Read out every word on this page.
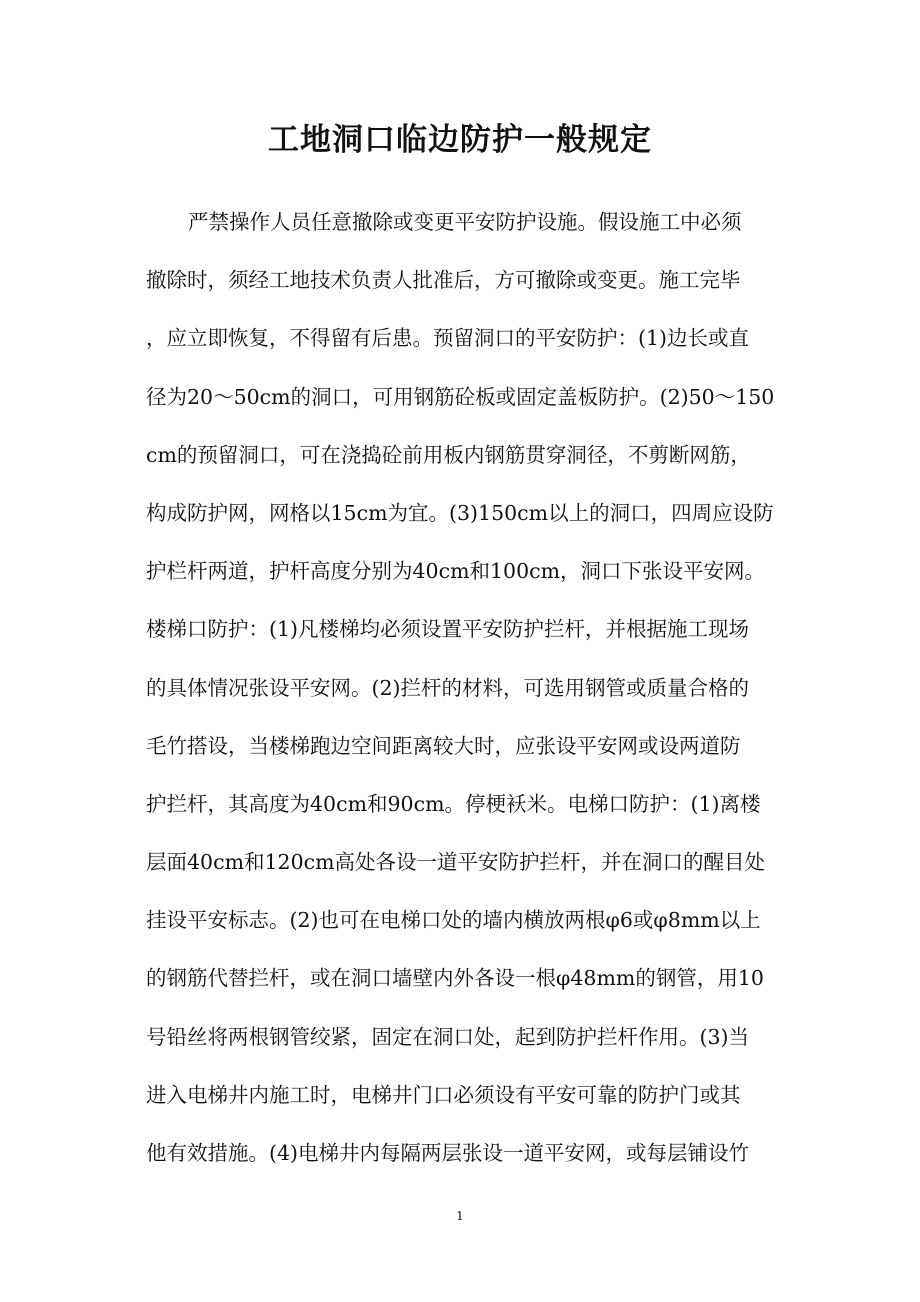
工地洞口临边防护一般规定
严禁操作人员任意撤除或变更平安防护设施。假设施工中必须
撤除时，须经工地技术负责人批准后，方可撤除或变更。施工完毕
，应立即恢复，不得留有后患。预留洞口的平安防护：(1)边长或直
径为20～50cm的洞口，可用钢筋砼板或固定盖板防护。(2)50～150
cm的预留洞口，可在浇捣砼前用板内钢筋贯穿洞径，不剪断网筋，
构成防护网，网格以15cm为宜。(3)150cm以上的洞口，四周应设防
护栏杆两道，护杆高度分别为40cm和100cm，洞口下张设平安网。
楼梯口防护：(1)凡楼梯均必须设置平安防护拦杆，并根据施工现场
的具体情况张设平安网。(2)拦杆的材料，可选用钢管或质量合格的
毛竹搭设，当楼梯跑边空间距离较大时，应张设平安网或设两道防
护拦杆，其高度为40cm和90cm。停梗袄米。电梯口防护：(1)离楼
层面40cm和120cm高处各设一道平安防护拦杆，并在洞口的醒目处
挂设平安标志。(2)也可在电梯口处的墙内横放两根φ6或φ8mm以上
的钢筋代替拦杆，或在洞口墙壁内外各设一根φ48mm的钢管，用10
号铅丝将两根钢管绞紧，固定在洞口处，起到防护拦杆作用。(3)当
进入电梯井内施工时，电梯井门口必须设有平安可靠的防护门或其
他有效措施。(4)电梯井内每隔两层张设一道平安网，或每层铺设竹
1
